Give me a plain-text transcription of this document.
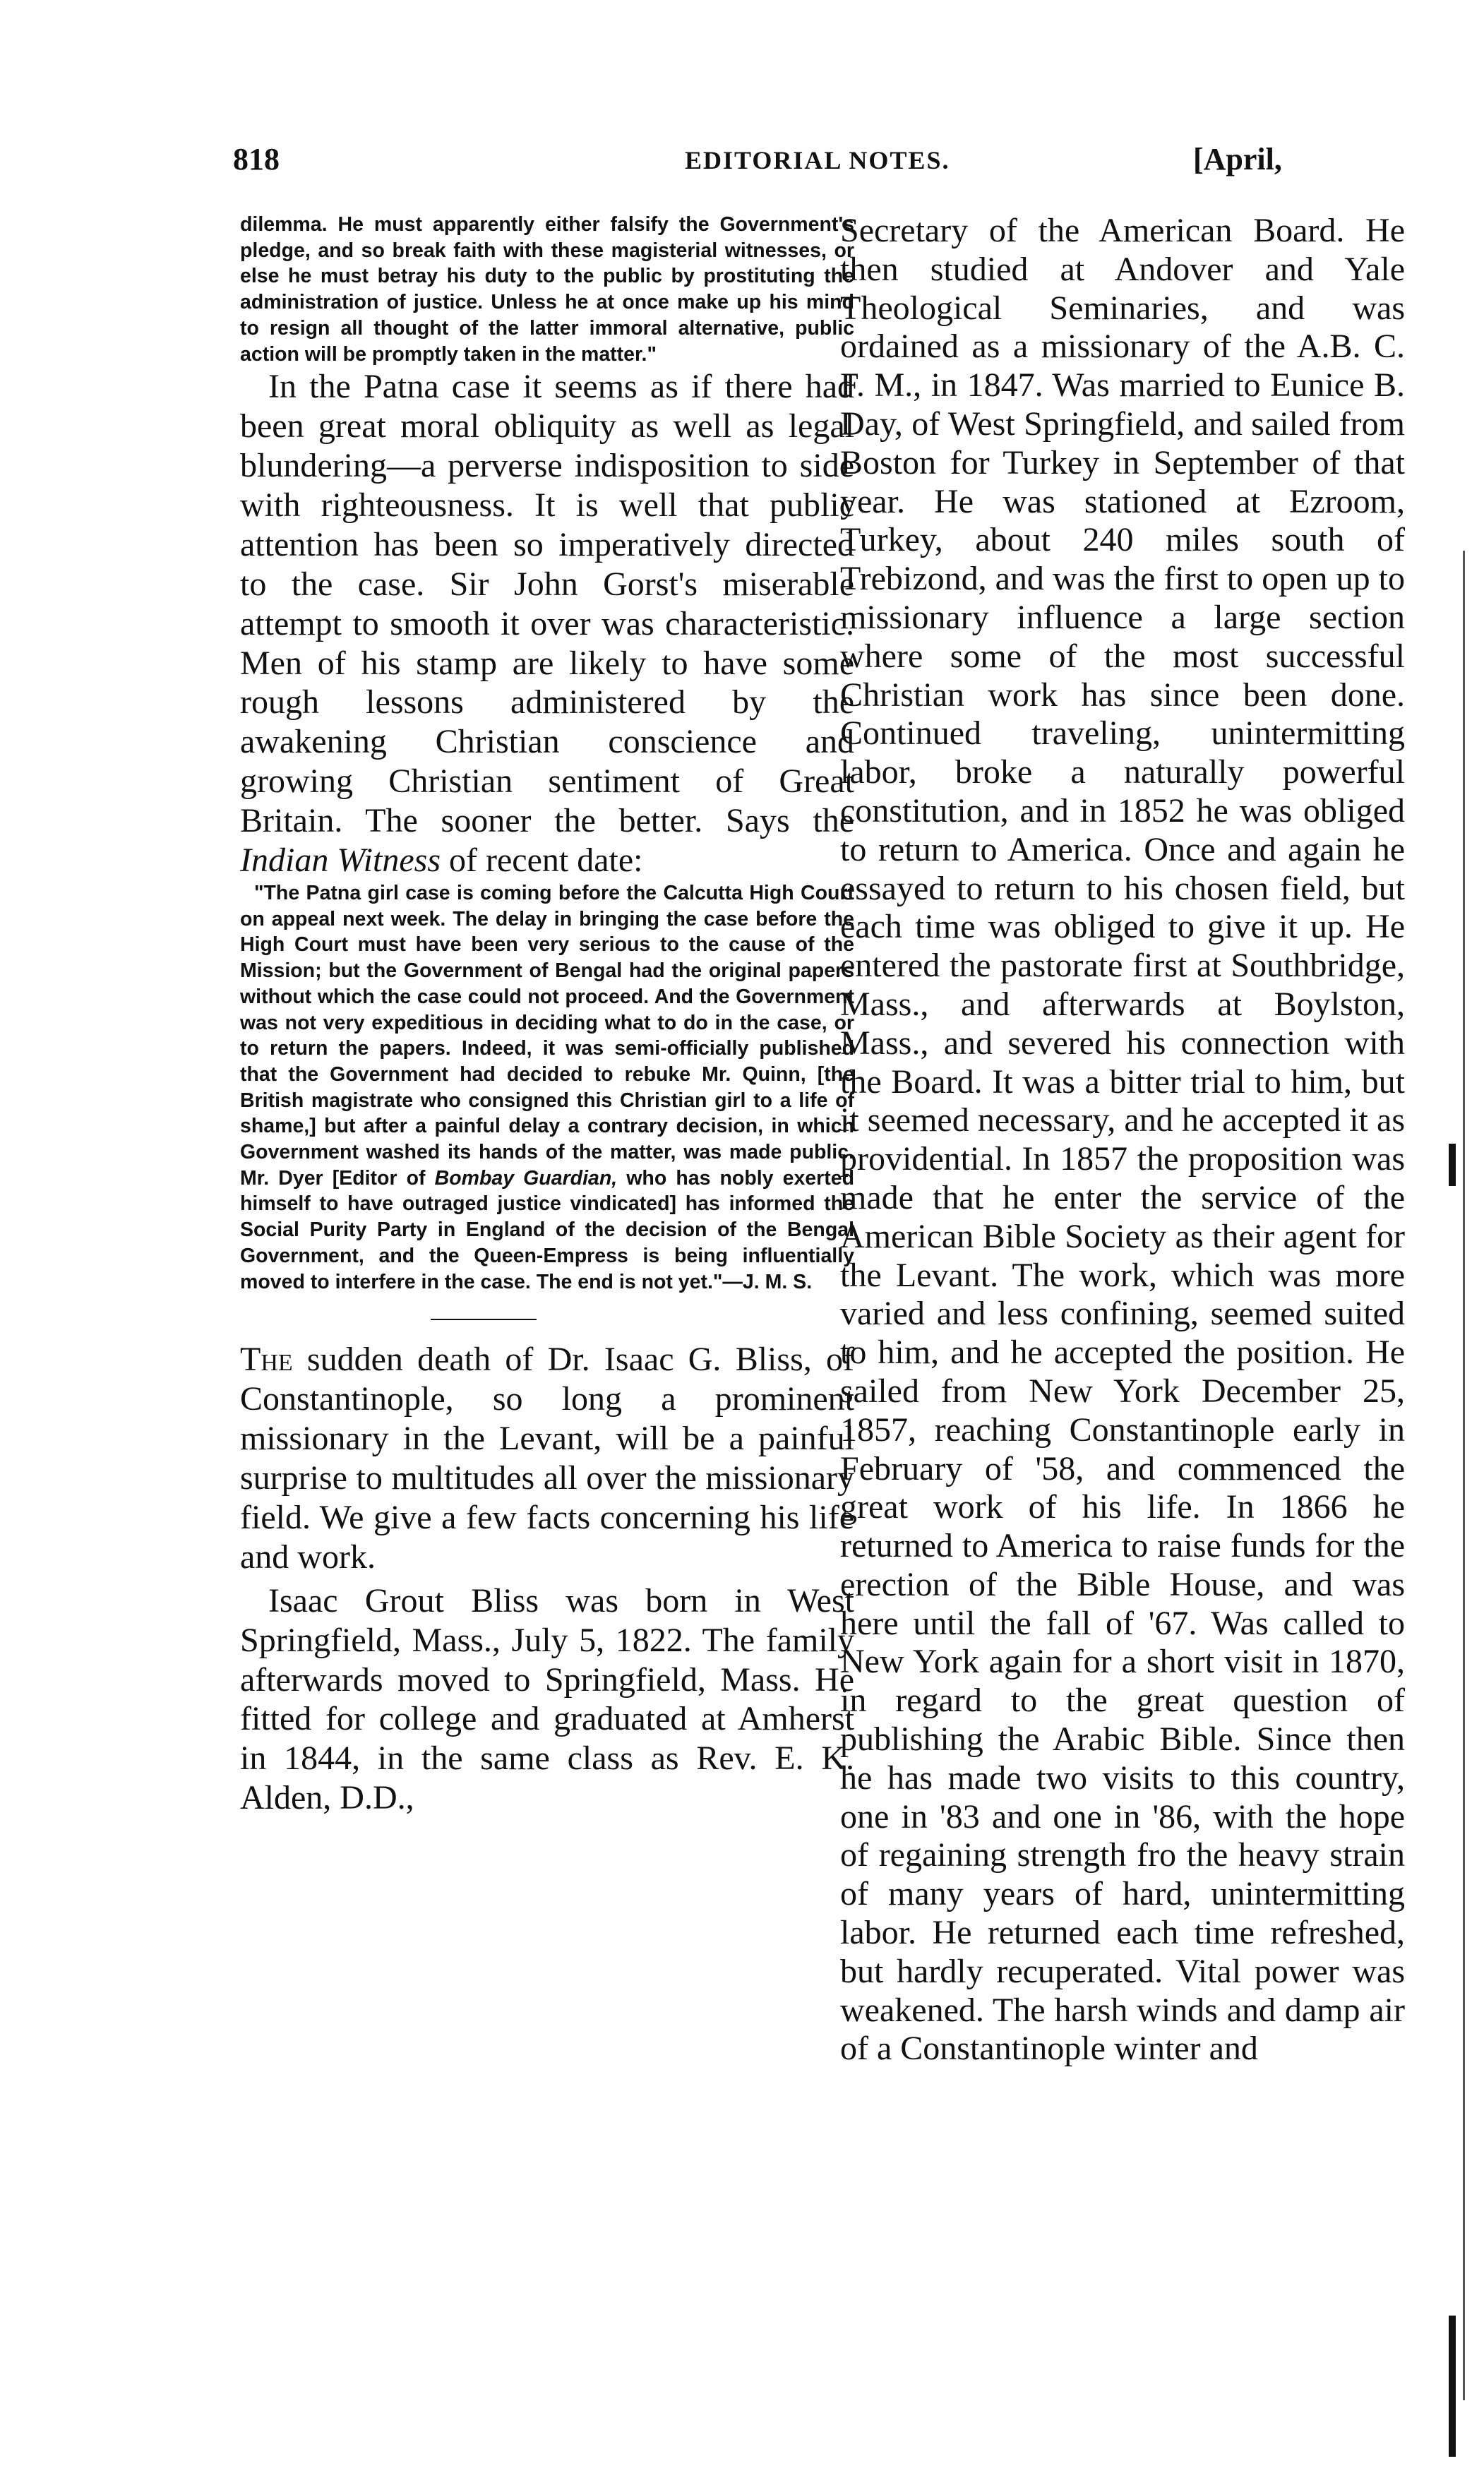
818	EDITORIAL NOTES.	[April,

dilemma. He must apparently either falsify the Government's pledge, and so break faith with these magisterial witnesses, or else he must betray his duty to the public by prostituting the administration of justice. Unless he at once make up his mind to resign all thought of the latter immoral alternative, public action will be promptly taken in the matter."

In the Patna case it seems as if there had been great moral obliquity as well as legal blundering—a perverse indisposition to side with righteousness. It is well that public attention has been so imperatively directed to the case. Sir John Gorst's miserable attempt to smooth it over was characteristic. Men of his stamp are likely to have some rough lessons administered by the awakening Christian conscience and growing Christian sentiment of Great Britain. The sooner the better. Says the Indian Witness of recent date:

"The Patna girl case is coming before the Calcutta High Court on appeal next week. The delay in bringing the case before the High Court must have been very serious to the cause of the Mission; but the Government of Bengal had the original papers without which the case could not proceed. And the Government was not very expeditious in deciding what to do in the case, or to return the papers. Indeed, it was semi-officially published that the Government had decided to rebuke Mr. Quinn, [the British magistrate who consigned this Christian girl to a life of shame,] but after a painful delay a contrary decision, in which Government washed its hands of the matter, was made public. Mr. Dyer [Editor of Bombay Guardian, who has nobly exerted himself to have outraged justice vindicated] has informed the Social Purity Party in England of the decision of the Bengal Government, and the Queen-Empress is being influentially moved to interfere in the case. The end is not yet."—J. M. S.

The sudden death of Dr. Isaac G. Bliss, of Constantinople, so long a prominent missionary in the Levant, will be a painful surprise to multitudes all over the missionary field. We give a few facts concerning his life and work.

Isaac Grout Bliss was born in West Springfield, Mass., July 5, 1822. The family afterwards moved to Springfield, Mass. He fitted for college and graduated at Amherst in 1844, in the same class as Rev. E. K. Alden, D.D.,

Secretary of the American Board. He then studied at Andover and Yale Theological Seminaries, and was ordained as a missionary of the A.B. C. F. M., in 1847. Was married to Eunice B. Day, of West Springfield, and sailed from Boston for Turkey in September of that year. He was stationed at Ezroom, Turkey, about 240 miles south of Trebizond, and was the first to open up to missionary influence a large section where some of the most successful Christian work has since been done. Continued traveling, unintermitting labor, broke a naturally powerful constitution, and in 1852 he was obliged to return to America. Once and again he essayed to return to his chosen field, but each time was obliged to give it up. He entered the pastorate first at Southbridge, Mass., and afterwards at Boylston, Mass., and severed his connection with the Board. It was a bitter trial to him, but it seemed necessary, and he accepted it as providential. In 1857 the proposition was made that he enter the service of the American Bible Society as their agent for the Levant. The work, which was more varied and less confining, seemed suited to him, and he accepted the position. He sailed from New York December 25, 1857, reaching Constantinople early in February of '58, and commenced the great work of his life. In 1866 he returned to America to raise funds for the erection of the Bible House, and was here until the fall of '67. Was called to New York again for a short visit in 1870, in regard to the great question of publishing the Arabic Bible. Since then he has made two visits to this country, one in '83 and one in '86, with the hope of regaining strength fro the heavy strain of many years of hard, unintermitting labor. He returned each time refreshed, but hardly recuperated. Vital power was weakened. The harsh winds and damp air of a Constantinople winter and
